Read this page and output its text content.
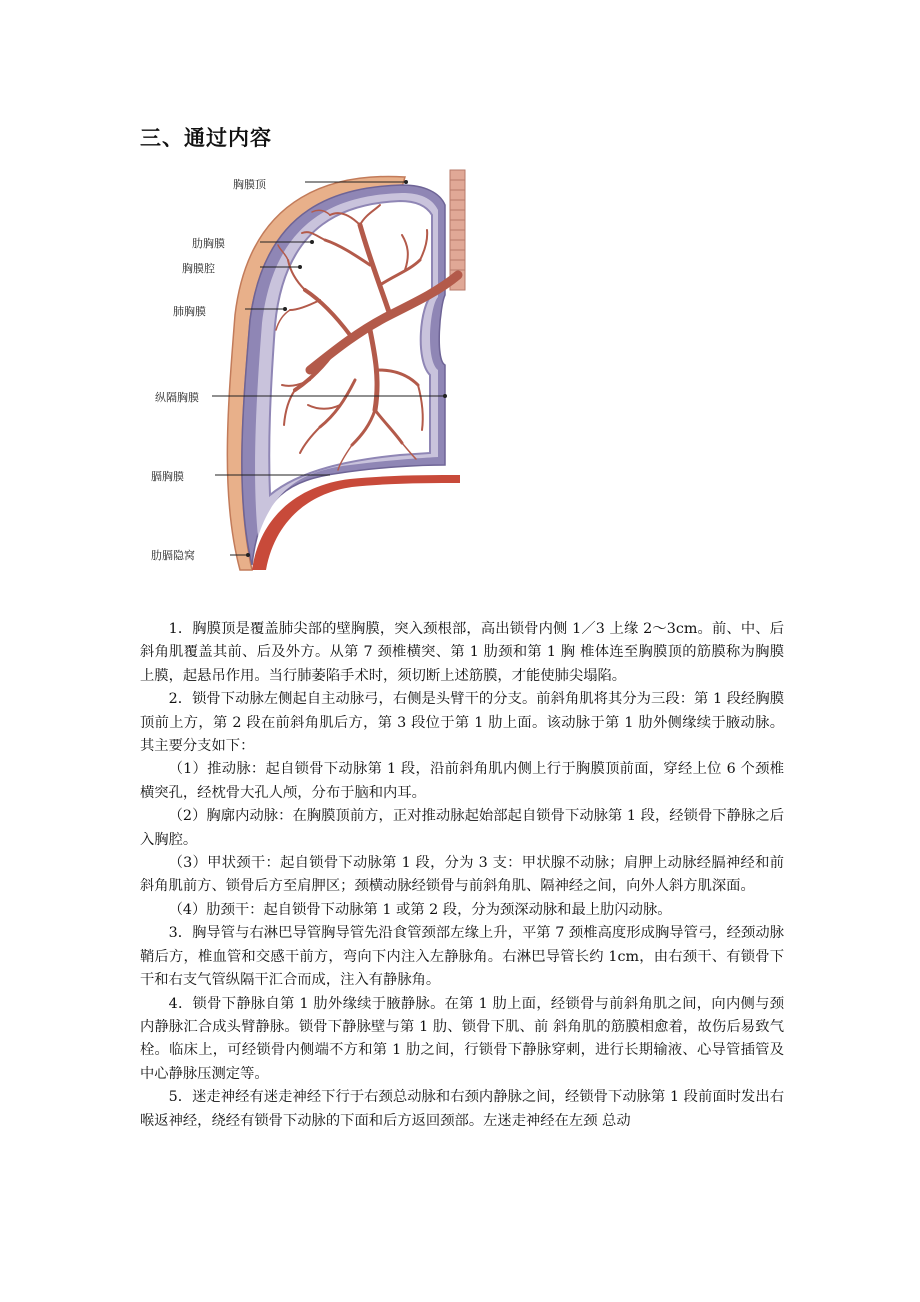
三、通过内容
胸膜顶
肋胸膜
胸膜腔
肺胸膜
纵隔胸膜
膈胸膜
肋膈隐窝

1．胸膜顶是覆盖肺尖部的壁胸膜，突入颈根部，高出锁骨内侧 1／3 上缘 2～3cm。前、中、后斜角肌覆盖其前、后及外方。从第 7 颈椎横突、第 1 肋颈和第 1 胸 椎体连至胸膜顶的筋膜称为胸膜上膜，起悬吊作用。当行肺萎陷手术时，须切断上述筋膜，才能使肺尖塌陷。

2．锁骨下动脉左侧起自主动脉弓，右侧是头臂干的分支。前斜角肌将其分为三段：第 1 段经胸膜顶前上方，第 2 段在前斜角肌后方，第 3 段位于第 1 肋上面。该动脉于第 1 肋外侧缘续于腋动脉。其主要分支如下：

（1）推动脉：起自锁骨下动脉第 1 段，沿前斜角肌内侧上行于胸膜顶前面，穿经上位 6 个颈椎横突孔，经枕骨大孔人颅，分布于脑和内耳。

（2）胸廓内动脉：在胸膜顶前方，正对推动脉起始部起自锁骨下动脉第 1 段，经锁骨下静脉之后入胸腔。

（3）甲状颈干：起自锁骨下动脉第 1 段，分为 3 支：甲状腺不动脉；肩胛上动脉经膈神经和前斜角肌前方、锁骨后方至肩胛区；颈横动脉经锁骨与前斜角肌、隔神经之间，向外人斜方肌深面。

（4）肋颈干：起自锁骨下动脉第 1 或第 2 段，分为颈深动脉和最上肋闪动脉。

3．胸导管与右淋巴导管胸导管先沿食管颈部左缘上升，平第 7 颈椎高度形成胸导管弓，经颈动脉鞘后方，椎血管和交感干前方，弯向下内注入左静脉角。右淋巴导管长约 1cm，由右颈干、有锁骨下干和右支气管纵隔干汇合而成，注入有静脉角。

4．锁骨下静脉自第 1 肋外缘续于腋静脉。在第 1 肋上面，经锁骨与前斜角肌之间，向内侧与颈内静脉汇合成头臂静脉。锁骨下静脉壁与第 1 肋、锁骨下肌、前 斜角肌的筋膜相愈着，故伤后易致气栓。临床上，可经锁骨内侧端不方和第 1 肋之间，行锁骨下静脉穿刺，进行长期输液、心导管插管及中心静脉压测定等。

5．迷走神经有迷走神经下行于右颈总动脉和右颈内静脉之间，经锁骨下动脉第 1 段前面时发出右喉返神经，绕经有锁骨下动脉的下面和后方返回颈部。左迷走神经在左颈 总动
